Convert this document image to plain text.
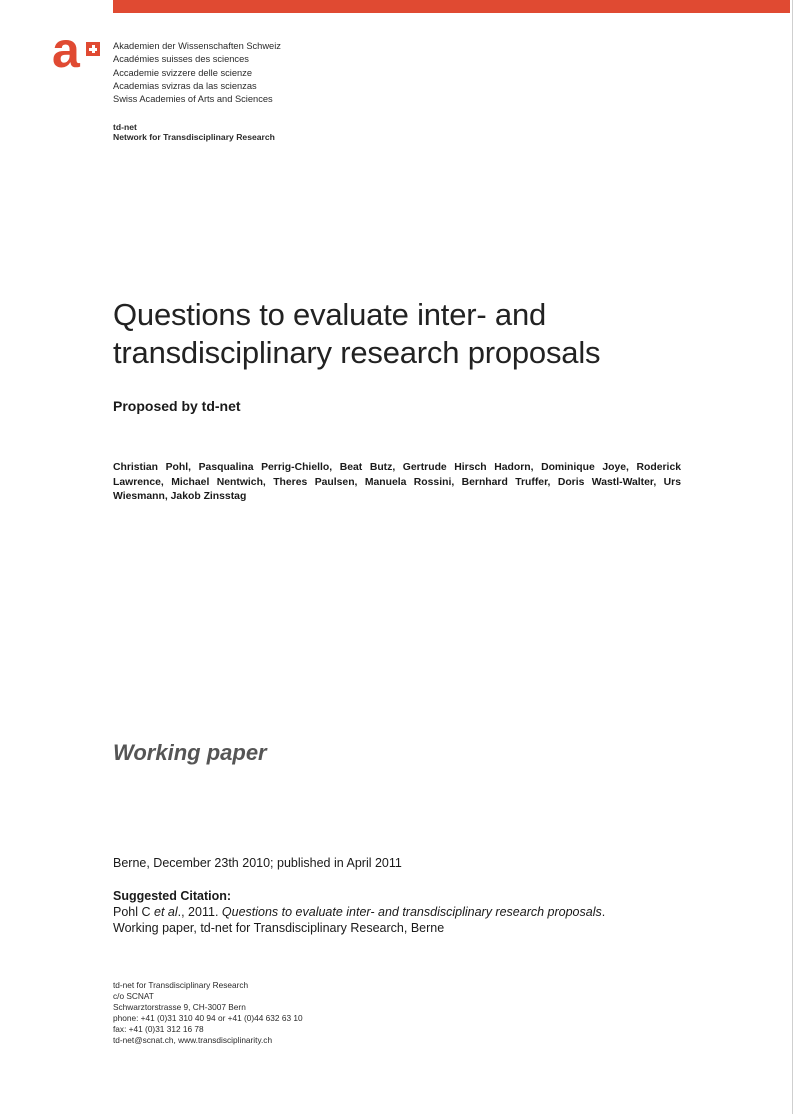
a	Akademien der Wissenschaften Schweiz
Académies suisses des sciences
Accademie svizzere delle scienze
Academias svizras da las scienzas
Swiss Academies of Arts and Sciences
td-net
Network for Transdisciplinary Research
Questions to evaluate inter- and
transdisciplinary research proposals
Proposed by td-net
Christian Pohl, Pasqualina Perrig-Chiello, Beat Butz, Gertrude Hirsch Hadorn, Dominique Joye, Roderick Lawrence, Michael Nentwich, Theres Paulsen, Manuela Rossini, Bernhard Truffer, Doris Wastl-Walter, Urs Wiesmann, Jakob Zinsstag
Working paper
Berne, December 23th 2010; published in April 2011
Suggested Citation:
Pohl C et al., 2011. Questions to evaluate inter- and transdisciplinary research proposals.
Working paper, td-net for Transdisciplinary Research, Berne
td-net for Transdisciplinary Research
c/o SCNAT
Schwarztorstrasse 9, CH-3007 Bern
phone: +41 (0)31 310 40 94 or +41 (0)44 632 63 10
fax: +41 (0)31 312 16 78
td-net@scnat.ch, www.transdisciplinarity.ch
